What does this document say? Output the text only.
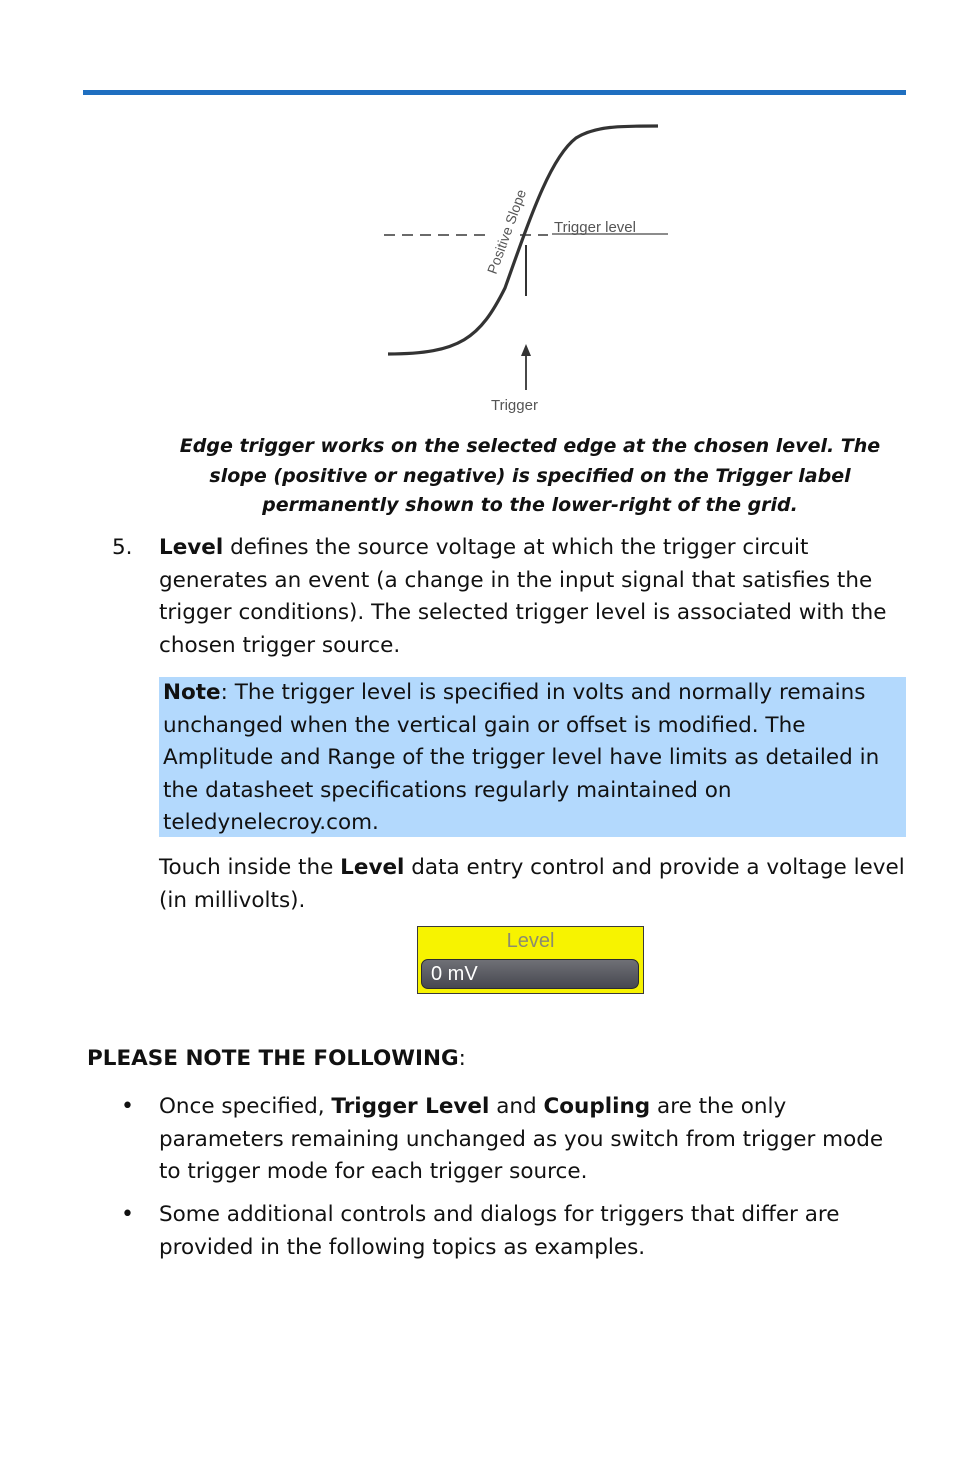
Trigger level
Positive Slope
Trigger
Edge trigger works on the selected edge at the chosen level. The slope (positive or negative) is specified on the Trigger label permanently shown to the lower-right of the grid.
5. Level defines the source voltage at which the trigger circuit generates an event (a change in the input signal that satisfies the trigger conditions). The selected trigger level is associated with the chosen trigger source.
Note: The trigger level is specified in volts and normally remains unchanged when the vertical gain or offset is modified. The Amplitude and Range of the trigger level have limits as detailed in the datasheet specifications regularly maintained on teledynelecroy.com.
Touch inside the Level data entry control and provide a voltage level (in millivolts).
Level
0 mV
PLEASE NOTE THE FOLLOWING:
• Once specified, Trigger Level and Coupling are the only parameters remaining unchanged as you switch from trigger mode to trigger mode for each trigger source.
• Some additional controls and dialogs for triggers that differ are provided in the following topics as examples.
